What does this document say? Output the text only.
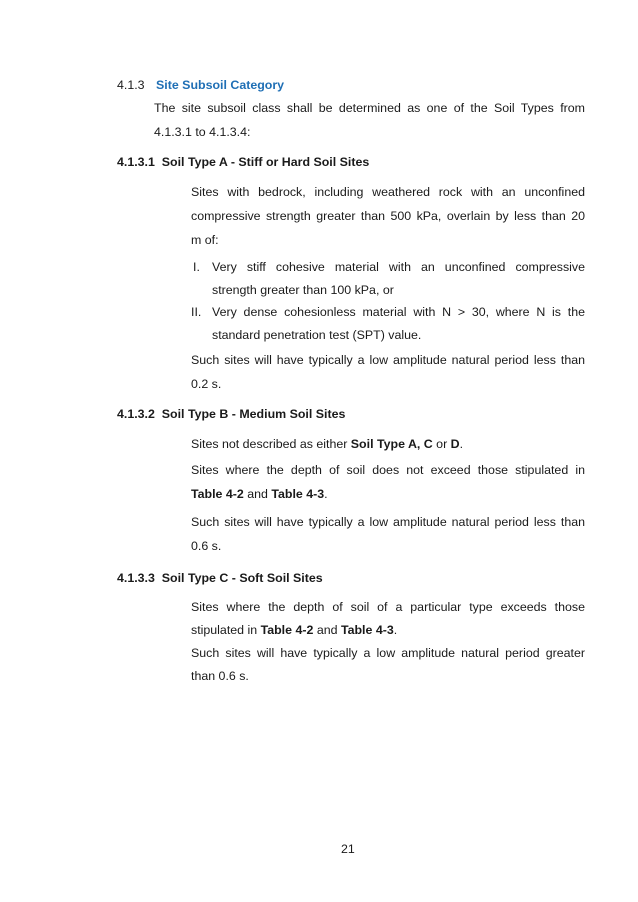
4.1.3 Site Subsoil Category
The site subsoil class shall be determined as one of the Soil Types from
4.1.3.1 to 4.1.3.4:
4.1.3.1  Soil Type A - Stiff or Hard Soil Sites
Sites with bedrock, including weathered rock with an unconfined
compressive strength greater than 500 kPa, overlain by less than 20
m of:
I. Very stiff cohesive material with an unconfined compressive
strength greater than 100 kPa, or
II. Very dense cohesionless material with N > 30, where N is the
standard penetration test (SPT) value.
Such sites will have typically a low amplitude natural period less than
0.2 s.
4.1.3.2  Soil Type B - Medium Soil Sites
Sites not described as either Soil Type A, C or D.
Sites where the depth of soil does not exceed those stipulated in
Table 4-2 and Table 4-3.
Such sites will have typically a low amplitude natural period less than
0.6 s.
4.1.3.3  Soil Type C - Soft Soil Sites
Sites where the depth of soil of a particular type exceeds those
stipulated in Table 4-2 and Table 4-3.
Such sites will have typically a low amplitude natural period greater
than 0.6 s.
21
